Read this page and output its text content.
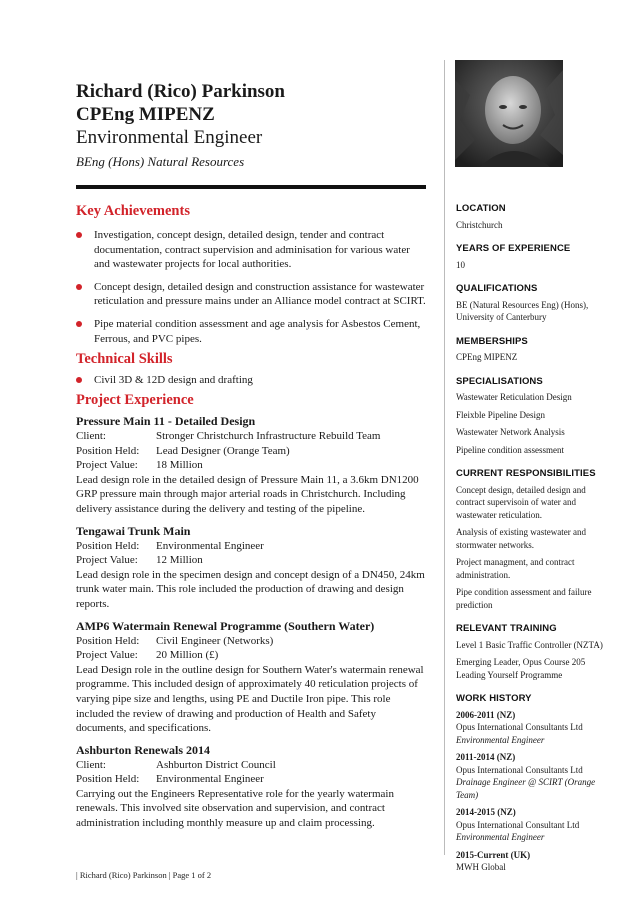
Richard (Rico) Parkinson
CPEng MIPENZ
Environmental Engineer
BEng (Hons) Natural Resources
Key Achievements
Investigation, concept design, detailed design, tender and contract documentation, contract supervision and adminisation for various water and wastewater projects for local authorities.
Concept design, detailed design and construction assistance for wastewater reticulation and pressure mains under an Alliance model contract at SCIRT.
Pipe material condition assessment and age analysis for Asbestos Cement, Ferrous, and PVC pipes.
Technical Skills
Civil 3D & 12D design and drafting
Project Experience
Pressure Main 11 - Detailed Design
Client:	Stronger Christchurch Infrastructure Rebuild Team
Position Held:	Lead Designer (Orange Team)
Project Value:	18 Million
Lead design role in the detailed design of Pressure Main 11, a 3.6km DN1200 GRP pressure main through major arterial roads in Christchurch. Including delivery assistance during the delivery and testing of the pipeline.
Tengawai Trunk Main
Position Held:	Environmental Engineer
Project Value:	12 Million
Lead design role in the specimen design and concept design of a DN450, 24km trunk water main. This role included the production of drawing and design reports.
AMP6 Watermain Renewal Programme (Southern Water)
Position Held:	Civil Engineer (Networks)
Project Value:	20 Million (£)
Lead Design role in the outline design for Southern Water's watermain renewal programme. This included design of approximately 40 reticulation projects of varying pipe size and lengths, using PE and Ductile Iron pipe. This role included the review of drawing and production of Health and Safety documents, and specifications.
Ashburton Renewals 2014
Client:	Ashburton District Council
Position Held:	Environmental Engineer
Carrying out the Engineers Representative role for the yearly watermain renewals. This involved site observation and supervision, and contract administration including monthly measure up and claim processing.
LOCATION
Christchurch
YEARS OF EXPERIENCE
10
QUALIFICATIONS
BE (Natural Resources Eng) (Hons), University of Canterbury
MEMBERSHIPS
CPEng MIPENZ
SPECIALISATIONS
Wastewater Reticulation Design
Fleixble Pipeline Design
Wastewater Network Analysis
Pipeline condition assessment
CURRENT RESPONSIBILITIES
Concept design, detailed design and contract supervisoin of water and wastewater reticulation.
Analysis of existing wastewater and stormwater networks.
Project managment, and contract administration.
Pipe condition assessment and failure prediction
RELEVANT TRAINING
Level 1 Basic Traffic Controller (NZTA)
Emerging Leader, Opus Course 205 Leading Yourself Programme
WORK HISTORY
2006-2011 (NZ)
Opus International Consultants Ltd
Environmental Engineer
2011-2014 (NZ)
Opus International Consultants Ltd
Drainage Engineer @ SCIRT (Orange Team)
2014-2015 (NZ)
Opus International Consultant Ltd
Environmental Engineer
2015-Current (UK)
MWH Global
| Richard (Rico) Parkinson | Page 1 of 2
